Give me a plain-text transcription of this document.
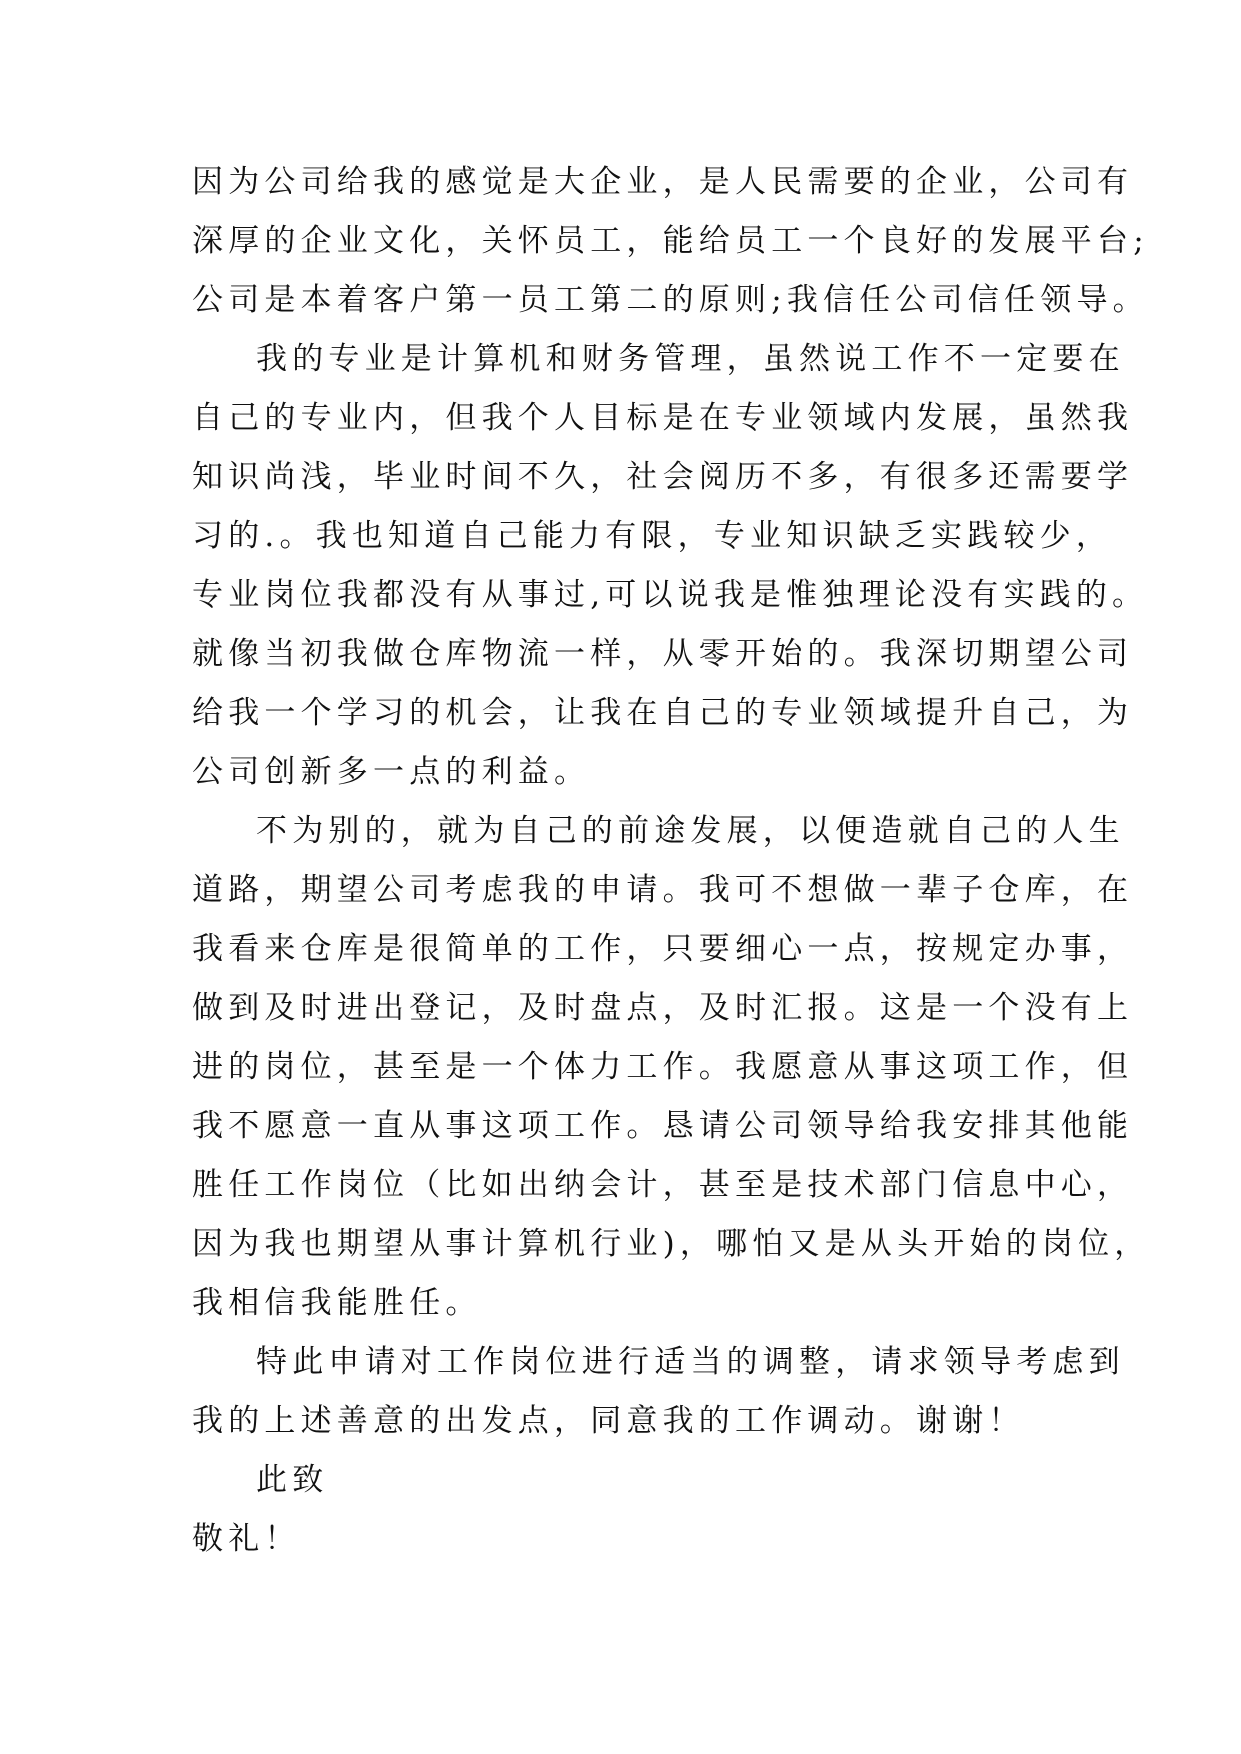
因为公司给我的感觉是大企业，是人民需要的企业，公司有
深厚的企业文化，关怀员工，能给员工一个良好的发展平台;
公司是本着客户第一员工第二的原则;我信任公司信任领导。
我的专业是计算机和财务管理，虽然说工作不一定要在
自己的专业内，但我个人目标是在专业领域内发展，虽然我
知识尚浅，毕业时间不久，社会阅历不多，有很多还需要学
习的.。我也知道自己能力有限，专业知识缺乏实践较少，
专业岗位我都没有从事过,可以说我是惟独理论没有实践的。
就像当初我做仓库物流一样，从零开始的。我深切期望公司
给我一个学习的机会，让我在自己的专业领域提升自己，为
公司创新多一点的利益。
不为别的，就为自己的前途发展，以便造就自己的人生
道路，期望公司考虑我的申请。我可不想做一辈子仓库，在
我看来仓库是很简单的工作，只要细心一点，按规定办事，
做到及时进出登记，及时盘点，及时汇报。这是一个没有上
进的岗位，甚至是一个体力工作。我愿意从事这项工作，但
我不愿意一直从事这项工作。恳请公司领导给我安排其他能
胜任工作岗位（比如出纳会计，甚至是技术部门信息中心，
因为我也期望从事计算机行业)，哪怕又是从头开始的岗位，
我相信我能胜任。
特此申请对工作岗位进行适当的调整，请求领导考虑到
我的上述善意的出发点，同意我的工作调动。谢谢！
此致
敬礼！
